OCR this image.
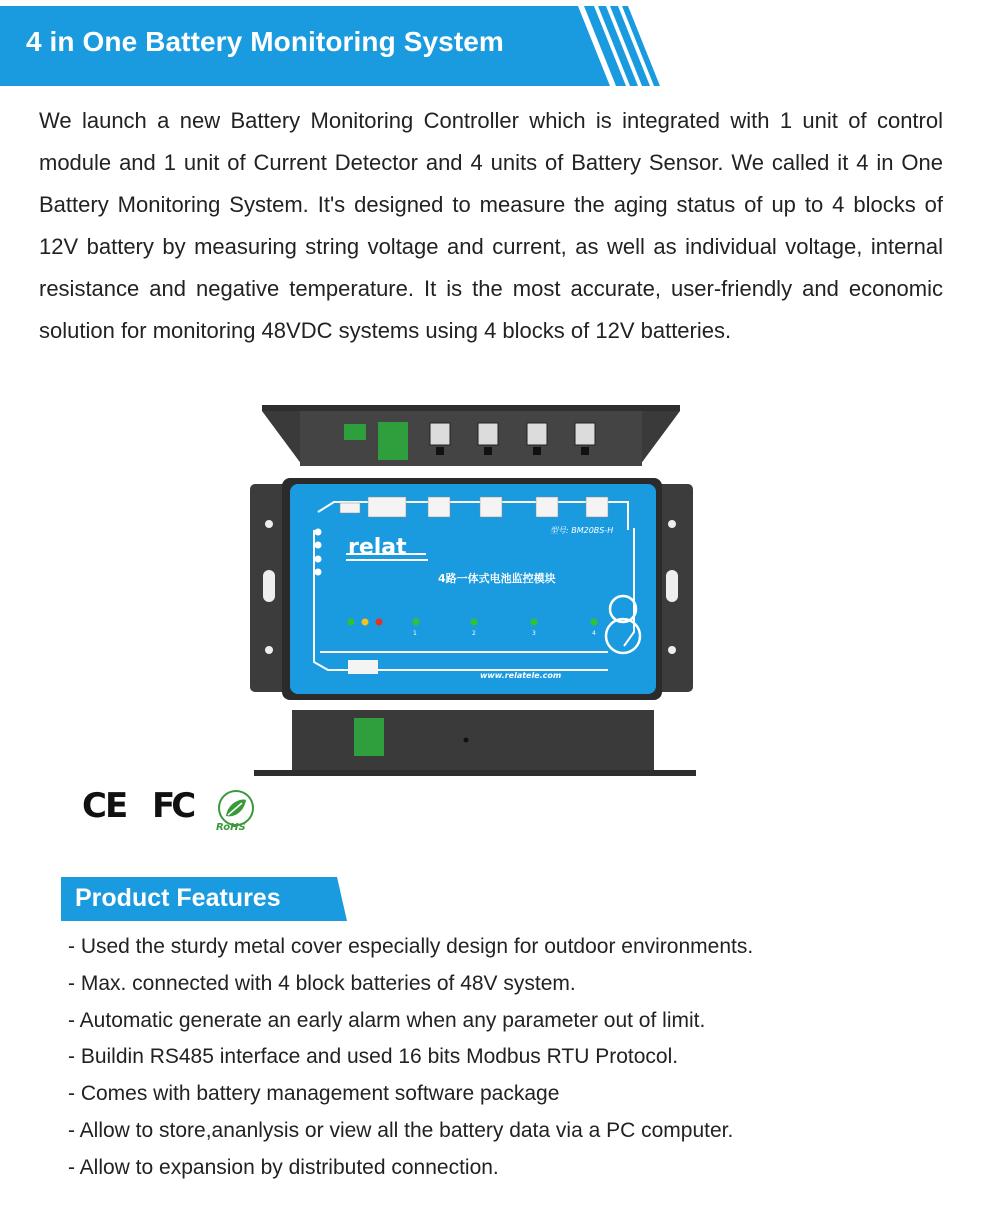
4 in One Battery Monitoring System

We launch a new Battery Monitoring Controller which is integrated with 1 unit of control module and 1 unit of Current Detector and 4 units of Battery Sensor. We called it 4 in One Battery Monitoring System. It's designed to measure the aging status of up to 4 blocks of 12V battery by measuring string voltage and current, as well as individual voltage, internal resistance and negative temperature. It is the most accurate, user-friendly and economic solution for monitoring 48VDC systems using 4 blocks of 12V batteries.

relat
型号: BM20BS-H
4路一体式电池监控模块
1	2	3	4
www.relatele.com
CE FC
RoHS
Product Features
- Used the sturdy metal cover especially design for outdoor environments.
- Max. connected with 4 block batteries of 48V system.
- Automatic generate an early alarm when any parameter out of limit.
- Buildin RS485 interface and used 16 bits Modbus RTU Protocol.
- Comes with battery management software package
- Allow to store,ananlysis or view all the battery data via a PC computer.
- Allow to expansion by distributed connection.
